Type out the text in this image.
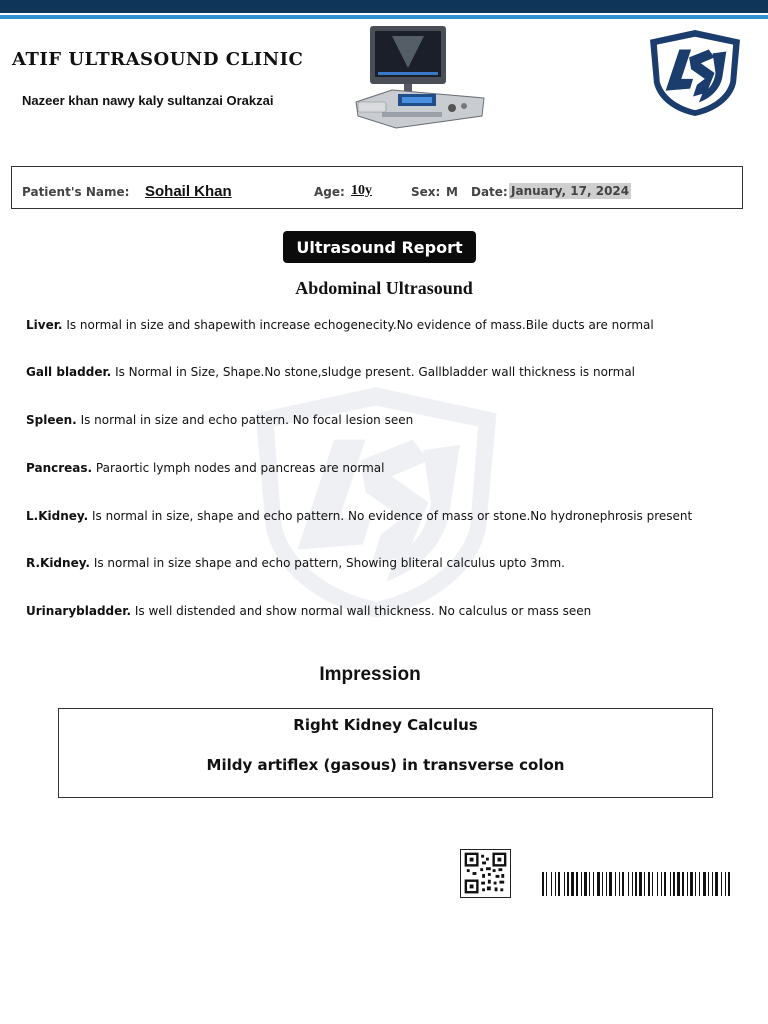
ATIF ULTRASOUND CLINIC
Nazeer khan nawy kaly sultanzai Orakzai
Patient's Name: Sohail Khan	Age: 10y	Sex: M Date: January, 17, 2024
Ultrasound Report
Abdominal Ultrasound
Liver. Is normal in size and shapewith increase echogenecity.No evidence of mass.Bile ducts are normal
Gall bladder. Is Normal in Size, Shape.No stone,sludge present. Gallbladder wall thickness is normal
Spleen. Is normal in size and echo pattern. No focal lesion seen
Pancreas. Paraortic lymph nodes and pancreas are normal
L.Kidney. Is normal in size, shape and echo pattern. No evidence of mass or stone.No hydronephrosis present
R.Kidney. Is normal in size shape and echo pattern, Showing bliteral calculus upto 3mm.
Urinarybladder. Is well distended and show normal wall thickness. No calculus or mass seen
Impression
Right Kidney Calculus
Mildy artiflex (gasous) in transverse colon
